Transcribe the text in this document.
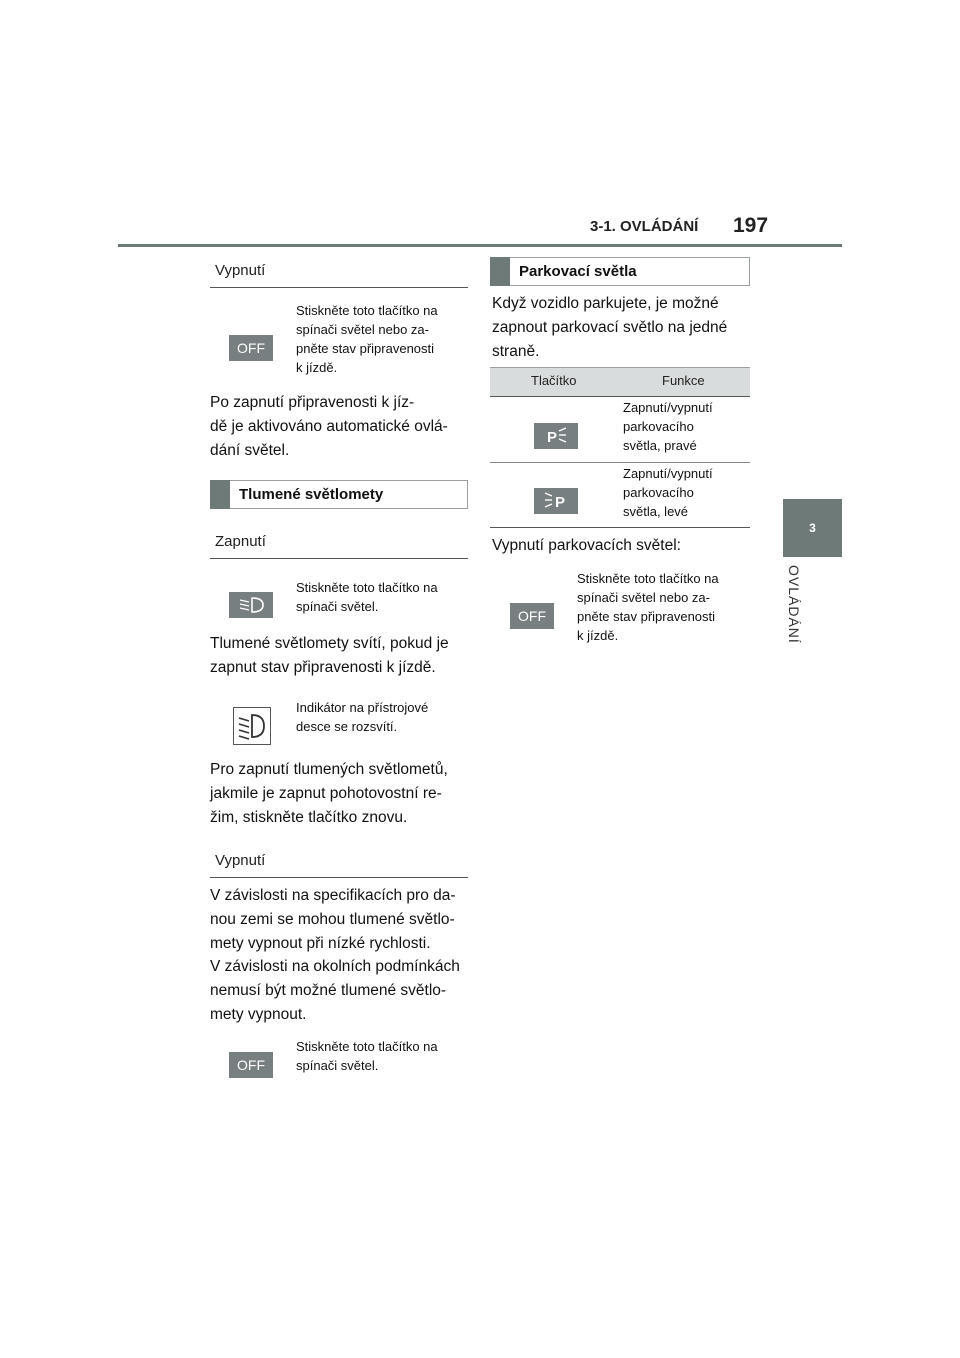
3-1. OVLÁDÁNÍ 197
3
OVLÁDÁNÍ
Vypnutí
OFF
Stiskněte toto tlačítko na
spínači světel nebo za-
pněte stav připravenosti
k jízdě.
Po zapnutí připravenosti k jíz-
dě je aktivováno automatické ovlá-
dání světel.
Tlumené světlomety
Zapnutí
Stiskněte toto tlačítko na
spínači světel.
Tlumené světlomety svítí, pokud je
zapnut stav připravenosti k jízdě.
Indikátor na přístrojové
desce se rozsvítí.
Pro zapnutí tlumených světlometů,
jakmile je zapnut pohotovostní re-
žim, stiskněte tlačítko znovu.
Vypnutí
V závislosti na specifikacích pro da-
nou zemi se mohou tlumené světlo-
mety vypnout při nízké rychlosti.
V závislosti na okolních podmínkách
nemusí být možné tlumené světlo-
mety vypnout.
OFF
Stiskněte toto tlačítko na
spínači světel.
Parkovací světla
Když vozidlo parkujete, je možné
zapnout parkovací světlo na jedné
straně.
Tlačítko	Funkce
P
Zapnutí/vypnutí
parkovacího
světla, pravé
P
Zapnutí/vypnutí
parkovacího
světla, levé
Vypnutí parkovacích světel:
OFF
Stiskněte toto tlačítko na
spínači světel nebo za-
pněte stav připravenosti
k jízdě.
